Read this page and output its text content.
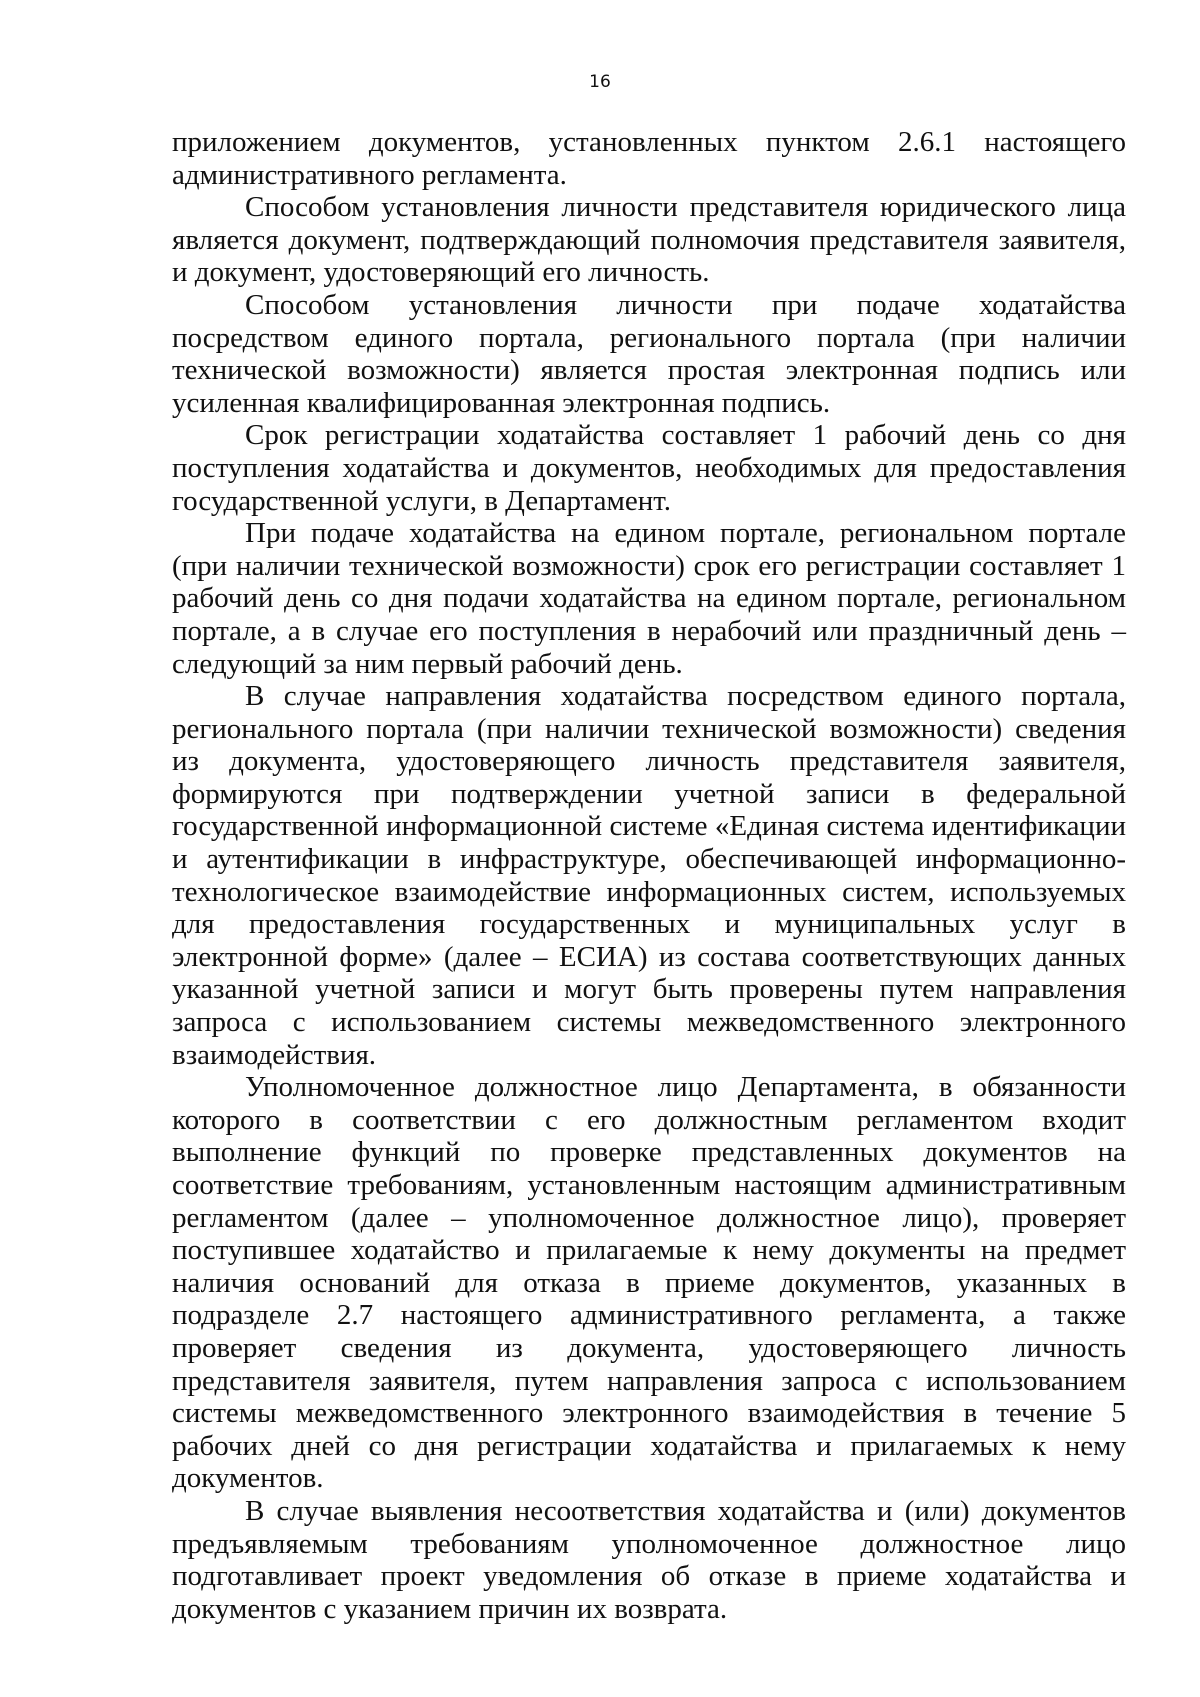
16

приложением документов, установленных пунктом 2.6.1 настоящего административного регламента.

Способом установления личности представителя юридического лица является документ, подтверждающий полномочия представителя заявителя, и документ, удостоверяющий его личность.

Способом установления личности при подаче ходатайства посредством единого портала, регионального портала (при наличии технической возможности) является простая электронная подпись или усиленная квалифицированная электронная подпись.

Срок регистрации ходатайства составляет 1 рабочий день со дня поступления ходатайства и документов, необходимых для предоставления государственной услуги, в Департамент.

При подаче ходатайства на едином портале, региональном портале (при наличии технической возможности) срок его регистрации составляет 1 рабочий день со дня подачи ходатайства на едином портале, региональном портале, а в случае его поступления в нерабочий или праздничный день – следующий за ним первый рабочий день.

В случае направления ходатайства посредством единого портала, регионального портала (при наличии технической возможности) сведения из документа, удостоверяющего личность представителя заявителя, формируются при подтверждении учетной записи в федеральной государственной информационной системе «Единая система идентификации и аутентификации в инфраструктуре, обеспечивающей информационно-технологическое взаимодействие информационных систем, используемых для предоставления государственных и муниципальных услуг в электронной форме» (далее – ЕСИА) из состава соответствующих данных указанной учетной записи и могут быть проверены путем направления запроса с использованием системы межведомственного электронного взаимодействия.

Уполномоченное должностное лицо Департамента, в обязанности которого в соответствии с его должностным регламентом входит выполнение функций по проверке представленных документов на соответствие требованиям, установленным настоящим административным регламентом (далее – уполномоченное должностное лицо), проверяет поступившее ходатайство и прилагаемые к нему документы на предмет наличия оснований для отказа в приеме документов, указанных в подразделе 2.7 настоящего административного регламента, а также проверяет сведения из документа, удостоверяющего личность представителя заявителя, путем направления запроса с использованием системы межведомственного электронного взаимодействия в течение 5 рабочих дней со дня регистрации ходатайства и прилагаемых к нему документов.

В случае выявления несоответствия ходатайства и (или) документов предъявляемым требованиям уполномоченное должностное лицо подготавливает проект уведомления об отказе в приеме ходатайства и документов с указанием причин их возврата.
